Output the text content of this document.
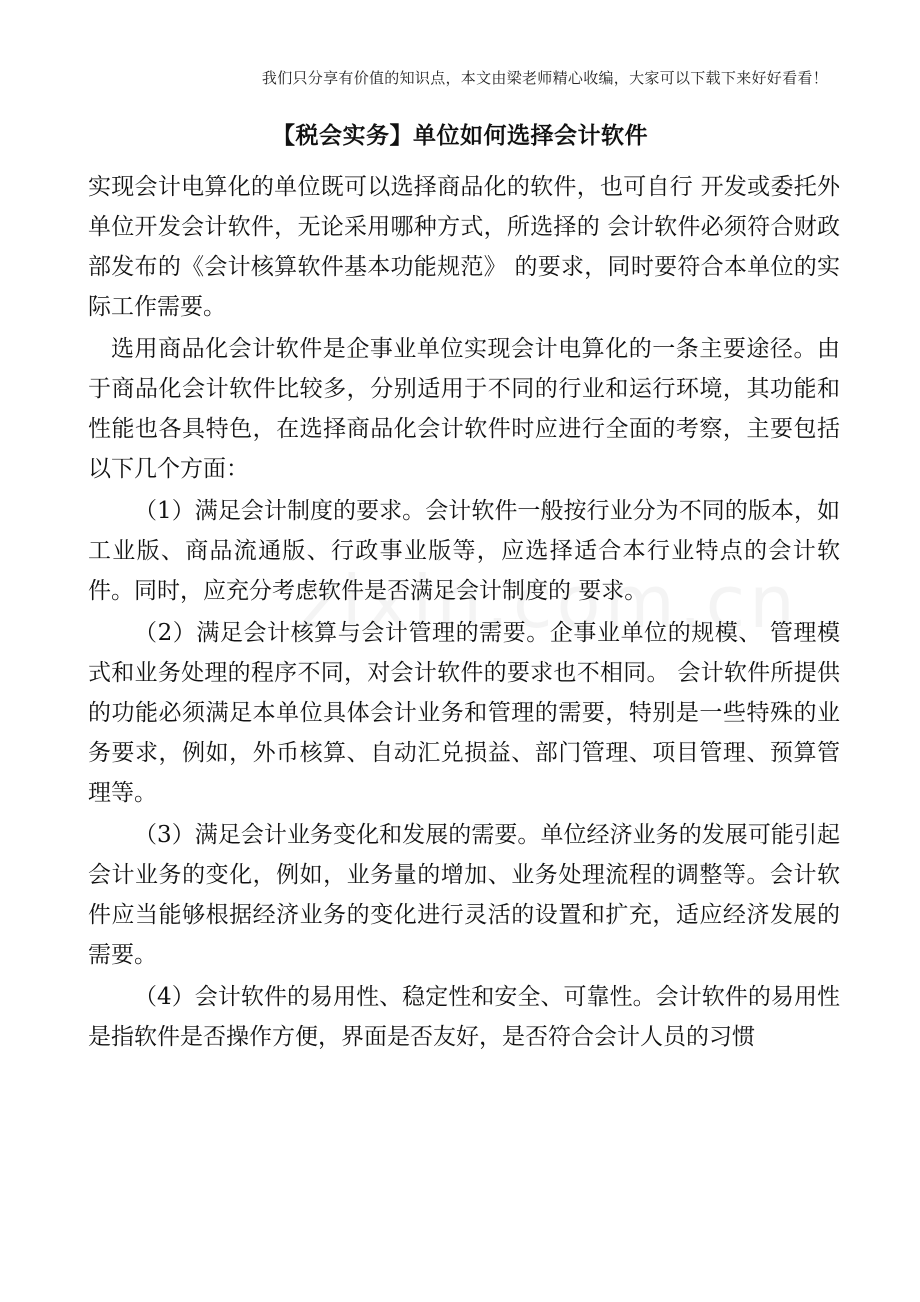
我们只分享有价值的知识点，本文由梁老师精心收编，大家可以下载下来好好看看！
【税会实务】单位如何选择会计软件

实现会计电算化的单位既可以选择商品化的软件，也可自行 开发或委托外单位开发会计软件，无论采用哪种方式，所选择的 会计软件必须符合财政部发布的《会计核算软件基本功能规范》 的要求，同时要符合本单位的实际工作需要。

选用商品化会计软件是企事业单位实现会计电算化的一条主要途径。由于商品化会计软件比较多，分别适用于不同的行业和运行环境，其功能和性能也各具特色，在选择商品化会计软件时应进行全面的考察，主要包括以下几个方面：

（1）满足会计制度的要求。会计软件一般按行业分为不同的版本，如工业版、商品流通版、行政事业版等，应选择适合本行业特点的会计软件。同时，应充分考虑软件是否满足会计制度的 要求。

（2）满足会计核算与会计管理的需要。企事业单位的规模、 管理模式和业务处理的程序不同，对会计软件的要求也不相同。 会计软件所提供的功能必须满足本单位具体会计业务和管理的需要，特别是一些特殊的业务要求，例如，外币核算、自动汇兑损益、部门管理、项目管理、预算管理等。

（3）满足会计业务变化和发展的需要。单位经济业务的发展可能引起会计业务的变化，例如，业务量的增加、业务处理流程的调整等。会计软件应当能够根据经济业务的变化进行灵活的设置和扩充，适应经济发展的需要。

（4）会计软件的易用性、稳定性和安全、可靠性。会计软件的易用性是指软件是否操作方便，界面是否友好，是否符合会计人员的习惯
